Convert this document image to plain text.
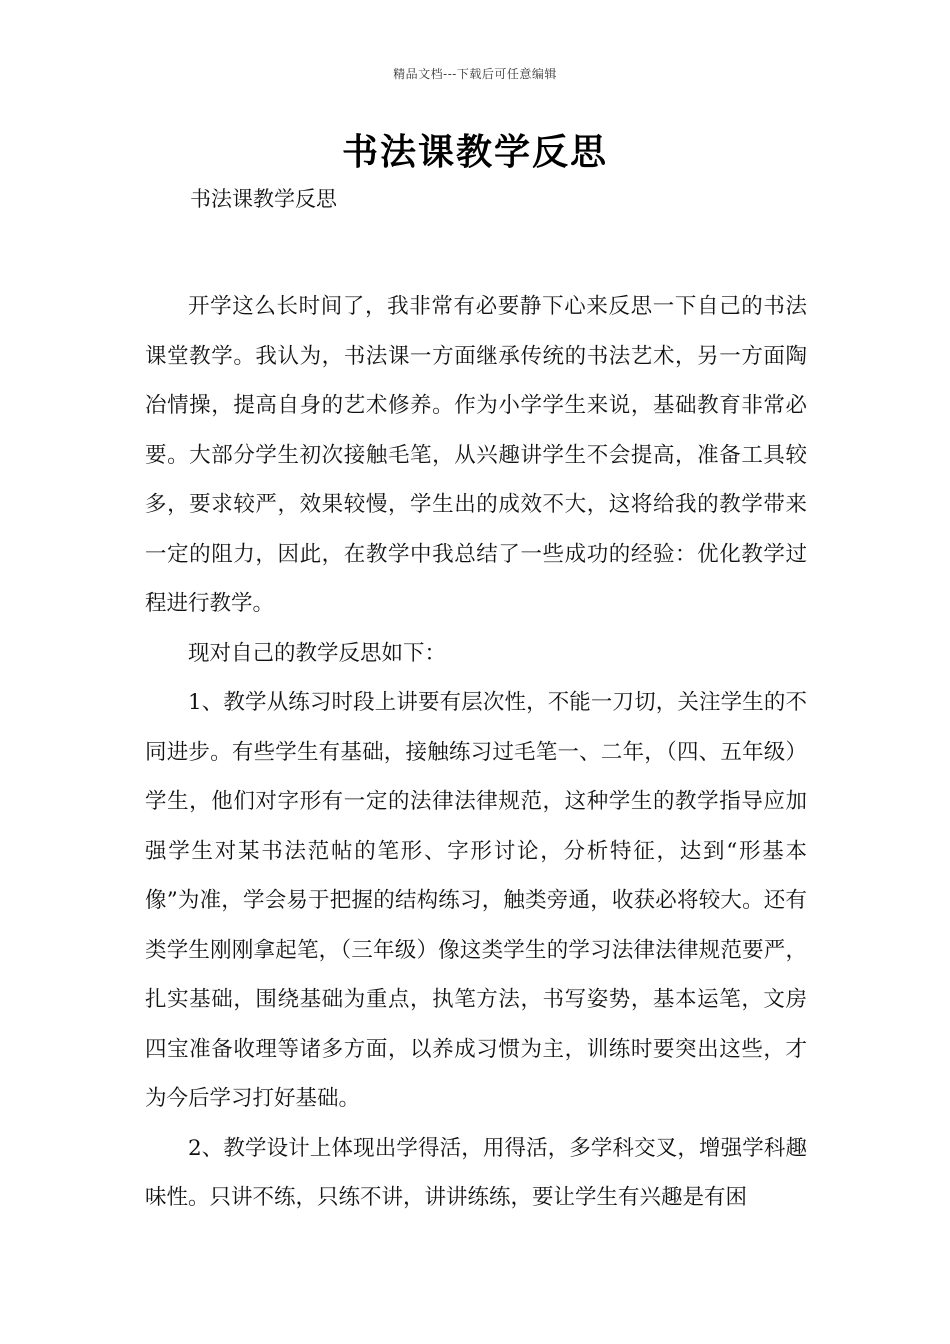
精品文档---下载后可任意编辑
书法课教学反思
书法课教学反思

开学这么长时间了，我非常有必要静下心来反思一下自己的书法课堂教学。我认为，书法课一方面继承传统的书法艺术，另一方面陶冶情操，提高自身的艺术修养。作为小学学生来说，基础教育非常必要。大部分学生初次接触毛笔，从兴趣讲学生不会提高，准备工具较多，要求较严，效果较慢，学生出的成效不大，这将给我的教学带来一定的阻力，因此，在教学中我总结了一些成功的经验：优化教学过程进行教学。

现对自己的教学反思如下：

1、教学从练习时段上讲要有层次性，不能一刀切，关注学生的不同进步。有些学生有基础，接触练习过毛笔一、二年，（四、五年级）学生，他们对字形有一定的法律法律规范，这种学生的教学指导应加强学生对某书法范帖的笔形、字形讨论，分析特征，达到“形基本像”为准，学会易于把握的结构练习，触类旁通，收获必将较大。还有类学生刚刚拿起笔，（三年级）像这类学生的学习法律法律规范要严，扎实基础，围绕基础为重点，执笔方法，书写姿势，基本运笔，文房四宝准备收理等诸多方面，以养成习惯为主，训练时要突出这些，才为今后学习打好基础。

2、教学设计上体现出学得活，用得活，多学科交叉，增强学科趣味性。只讲不练，只练不讲，讲讲练练，要让学生有兴趣是有困
